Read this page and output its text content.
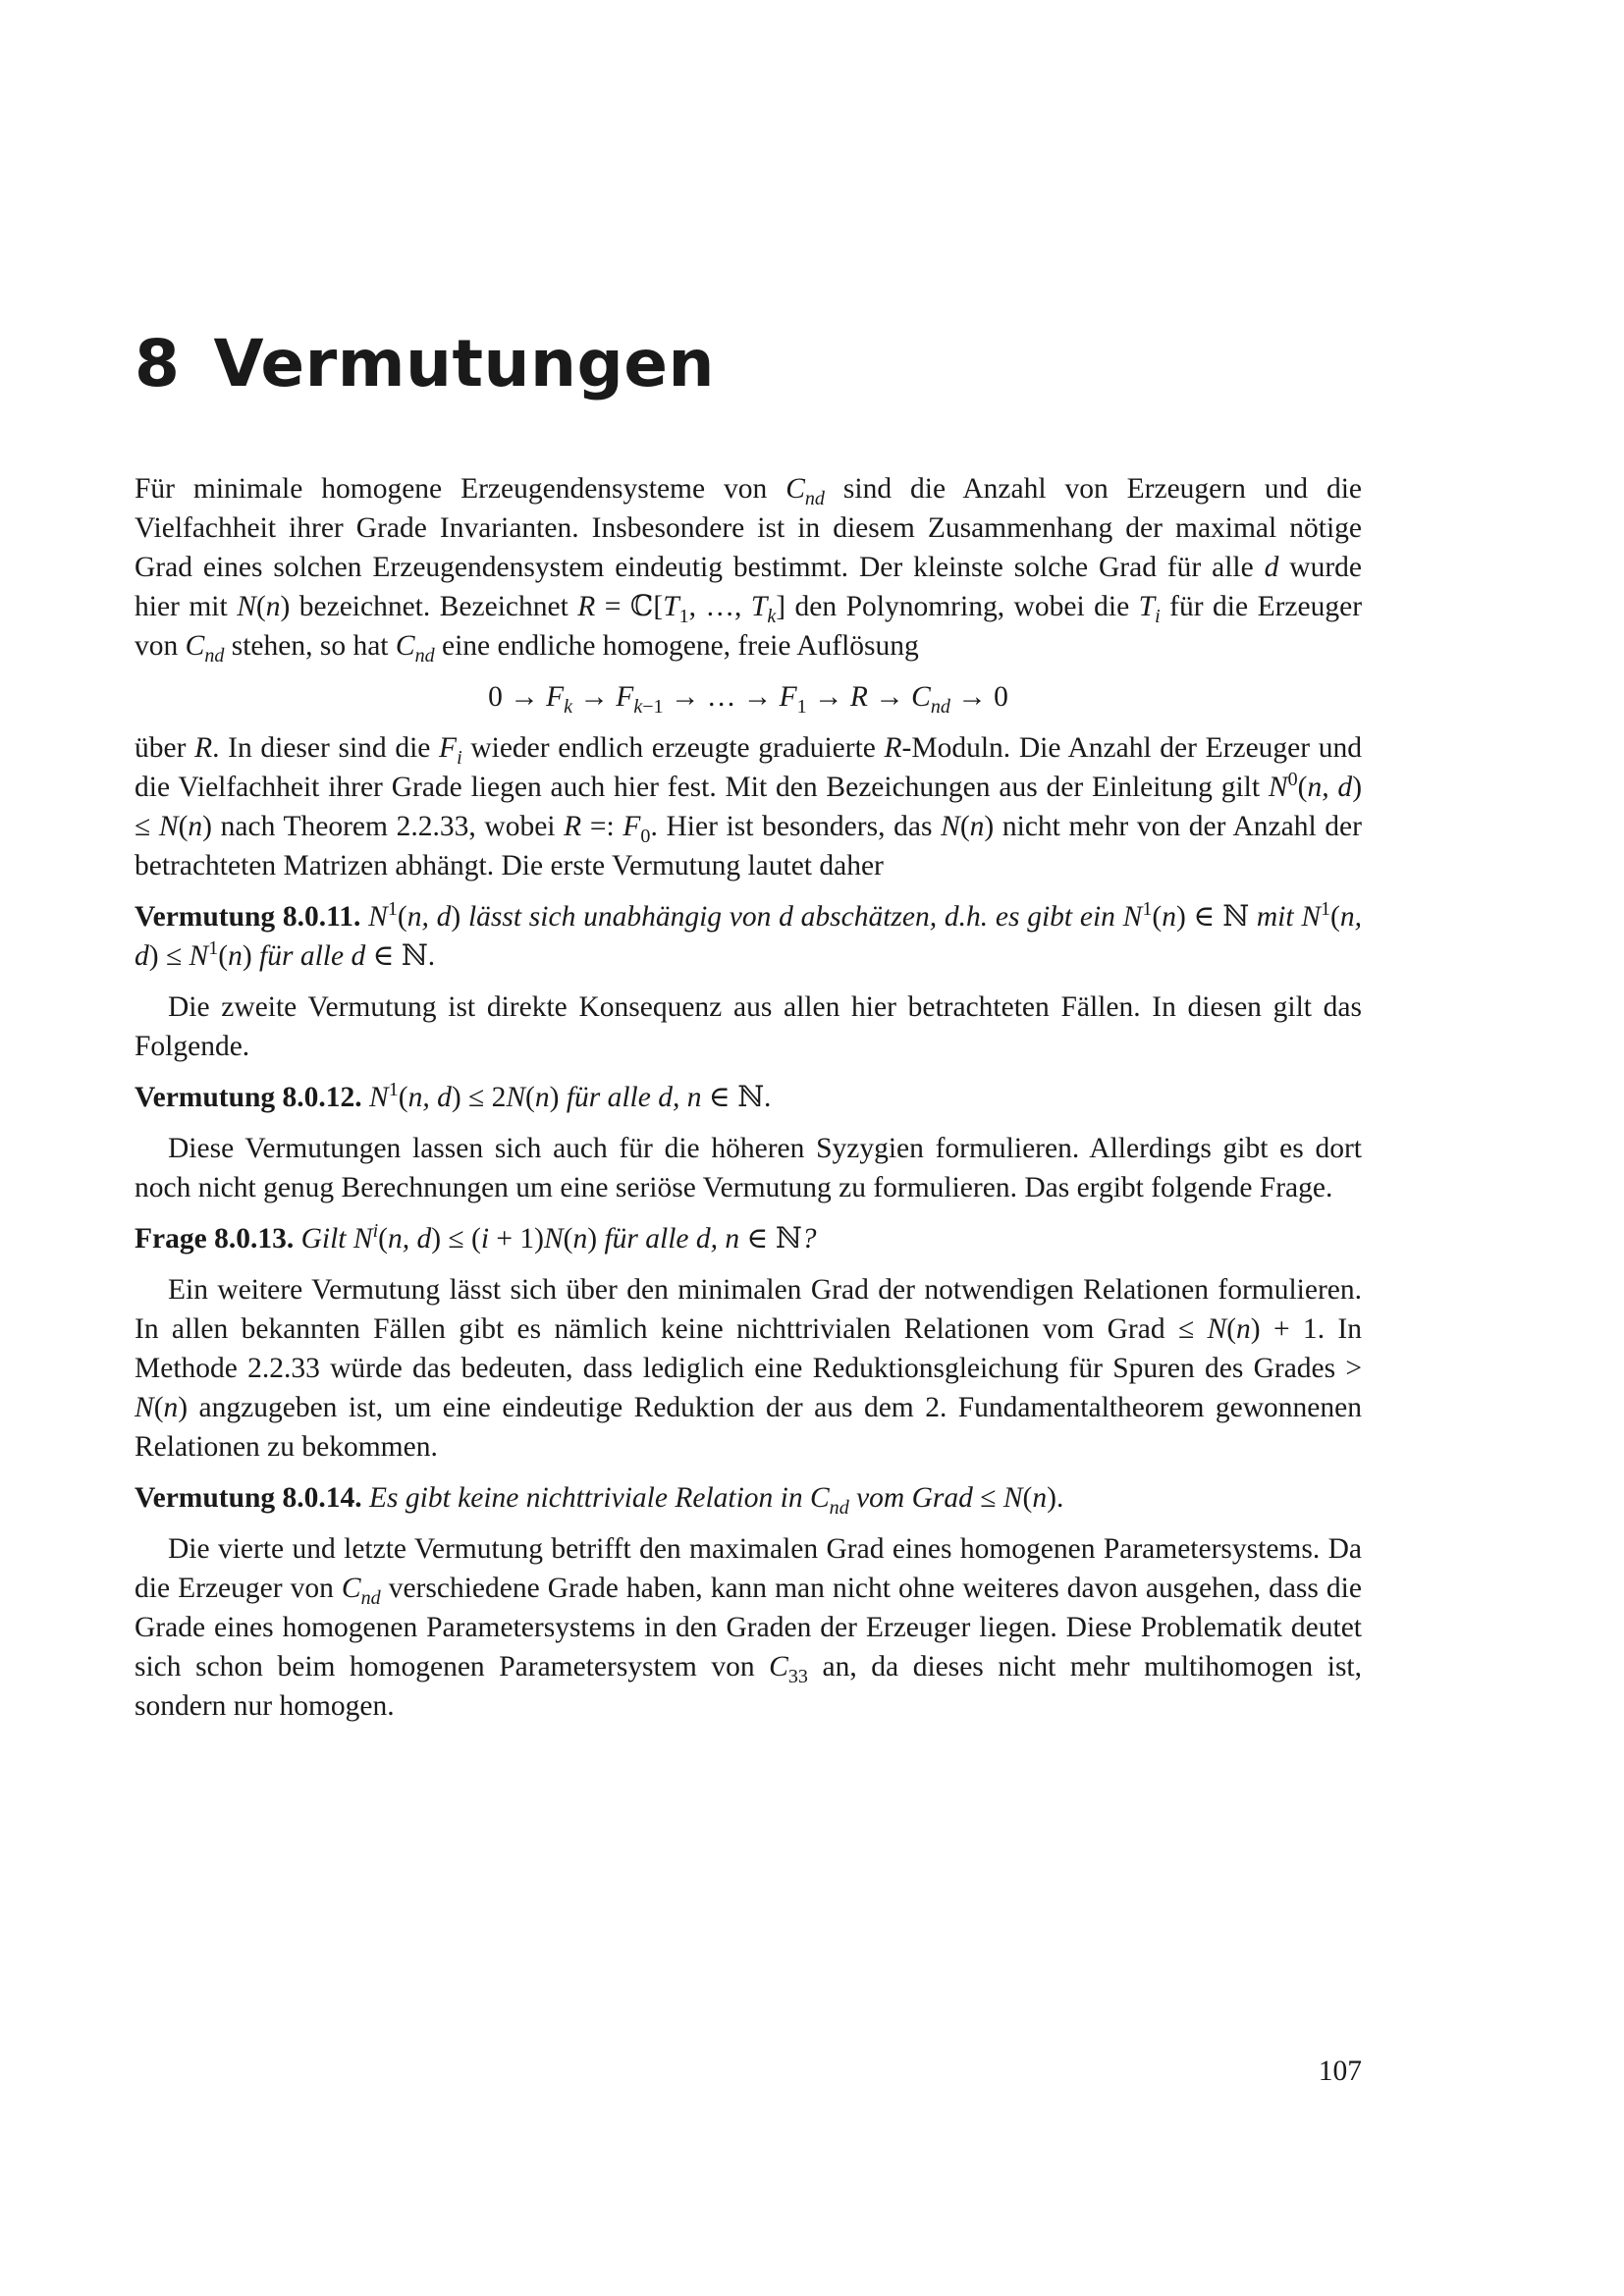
8 Vermutungen

Für minimale homogene Erzeugendensysteme von $C_{nd}$ sind die Anzahl von Erzeugern und die Vielfachheit ihrer Grade Invarianten. Insbesondere ist in diesem Zusammenhang der maximal nötige Grad eines solchen Erzeugendensystem eindeutig bestimmt. Der kleinste solche Grad für alle d wurde hier mit N(n) bezeichnet. Bezeichnet $R = ℂ[T_1$, …, $T_k$] den Polynomring, wobei die $T_i$ für die Erzeuger von $C_{nd}$ stehen, so hat $C_{nd}$ eine endliche homogene, freie Auflösung

$0 \to F_k \to F_{k-1}$ → … → $F_1 \to R \to C_{nd} \to 0$

über R. In dieser sind die $F_i$ wieder endlich erzeugte graduierte R-Moduln. Die Anzahl der Erzeuger und die Vielfachheit ihrer Grade liegen auch hier fest. Mit den Bezeichungen aus der Einleitung gilt $N^0(n$, d) ≤ N(n) nach Theorem 2.2.33, wobei R =: $F_0$. Hier ist besonders, das N(n) nicht mehr von der Anzahl der betrachteten Matrizen abhängt. Die erste Vermutung lautet daher

Vermutung 8.0.11. $N^1(n$, d) lässt sich unabhängig von d abschätzen, d.h. es gibt ein $N^1(n)$ ∈ ℕ mit $N^1(n$, $d) \le N^1(n)$ für alle d ∈ ℕ.

Die zweite Vermutung ist direkte Konsequenz aus allen hier betrachteten Fällen. In diesen gilt das Folgende.

Vermutung 8.0.12. $N^1(n$, d) ≤ 2N(n) für alle d, n ∈ ℕ.

Diese Vermutungen lassen sich auch für die höheren Syzygien formulieren. Allerdings gibt es dort noch nicht genug Berechnungen um eine seriöse Vermutung zu formulieren. Das ergibt folgende Frage.

Frage 8.0.13. Gilt $N^i(n$, d) ≤ (i + 1)N(n) für alle d, n ∈ ℕ?

Ein weitere Vermutung lässt sich über den minimalen Grad der notwendigen Relationen formulieren. In allen bekannten Fällen gibt es nämlich keine nichttrivialen Relationen vom Grad ≤ N(n) + 1. In Methode 2.2.33 würde das bedeuten, dass lediglich eine Reduktionsgleichung für Spuren des Grades > N(n) angzugeben ist, um eine eindeutige Reduktion der aus dem 2. Fundamentaltheorem gewonnenen Relationen zu bekommen.

Vermutung 8.0.14. Es gibt keine nichttriviale Relation in $C_{nd}$ vom Grad ≤ N(n).

Die vierte und letzte Vermutung betrifft den maximalen Grad eines homogenen Parametersystems. Da die Erzeuger von $C_{nd}$ verschiedene Grade haben, kann man nicht ohne weiteres davon ausgehen, dass die Grade eines homogenen Parametersystems in den Graden der Erzeuger liegen. Diese Problematik deutet sich schon beim homogenen Parametersystem von $C_{33}$ an, da dieses nicht mehr multihomogen ist, sondern nur homogen.

107
